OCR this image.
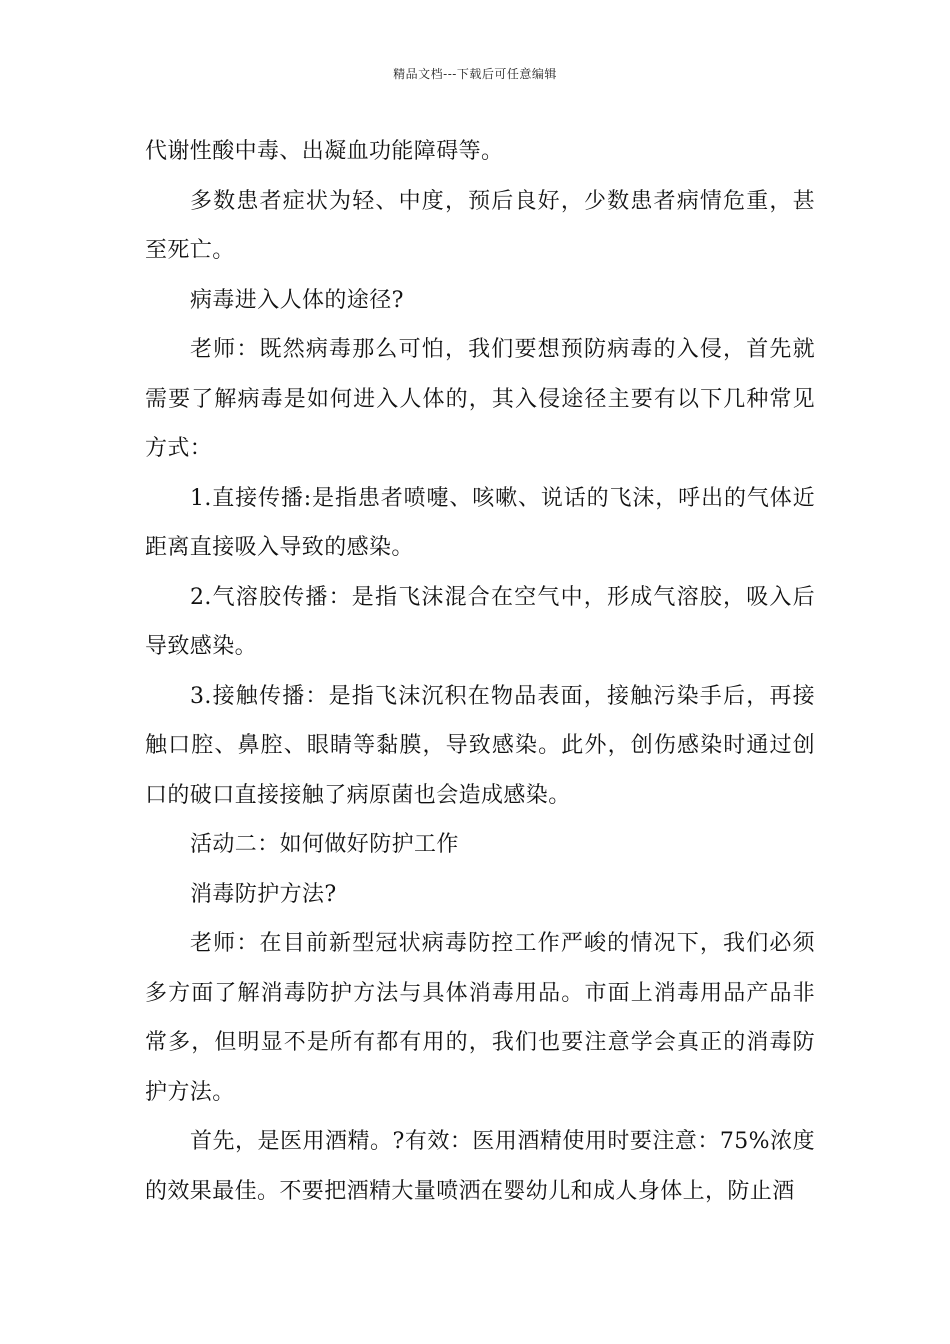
精品文档---下载后可任意编辑

代谢性酸中毒、出凝血功能障碍等。

多数患者症状为轻、中度，预后良好，少数患者病情危重，甚至死亡。

病毒进入人体的途径?

老师：既然病毒那么可怕，我们要想预防病毒的入侵，首先就需要了解病毒是如何进入人体的，其入侵途径主要有以下几种常见方式：

1.直接传播:是指患者喷嚏、咳嗽、说话的飞沫，呼出的气体近距离直接吸入导致的感染。

2.气溶胶传播：是指飞沫混合在空气中，形成气溶胶，吸入后导致感染。

3.接触传播：是指飞沫沉积在物品表面，接触污染手后，再接触口腔、鼻腔、眼睛等黏膜，导致感染。此外，创伤感染时通过创口的破口直接接触了病原菌也会造成感染。

活动二：如何做好防护工作

消毒防护方法?

老师：在目前新型冠状病毒防控工作严峻的情况下，我们必须多方面了解消毒防护方法与具体消毒用品。市面上消毒用品产品非常多，但明显不是所有都有用的，我们也要注意学会真正的消毒防护方法。

首先，是医用酒精。?有效：医用酒精使用时要注意：75%浓度的效果最佳。不要把酒精大量喷洒在婴幼儿和成人身体上，防止酒
